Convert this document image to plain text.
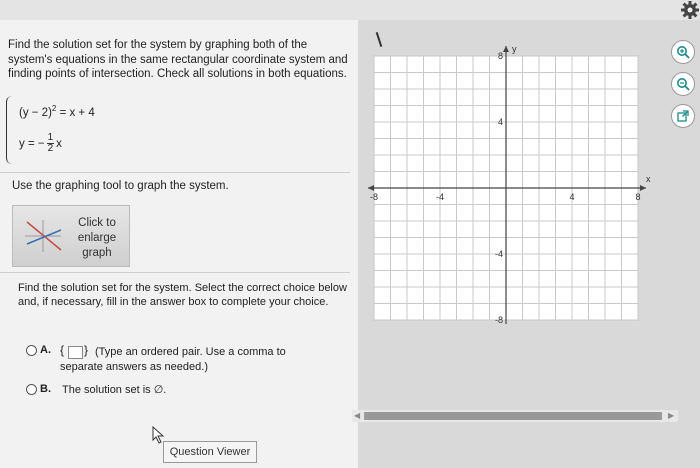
Find the solution set for the system by graphing both of the system's equations in the same rectangular coordinate system and finding points of intersection. Check all solutions in both equations.
$(y - 2)^2 = x + 4$
y = − $\frac{1}{2}$ x
Use the graphing tool to graph the system.
Click to enlarge graph
Find the solution set for the system. Select the correct choice below and, if necessary, fill in the answer box to complete your choice.
A. { } (Type an ordered pair. Use a comma to
separate answers as needed.)
B. The solution set is ∅.
Question Viewer
x
y
-8	-4	4	8
8
4
-4
-8
◀	▶
